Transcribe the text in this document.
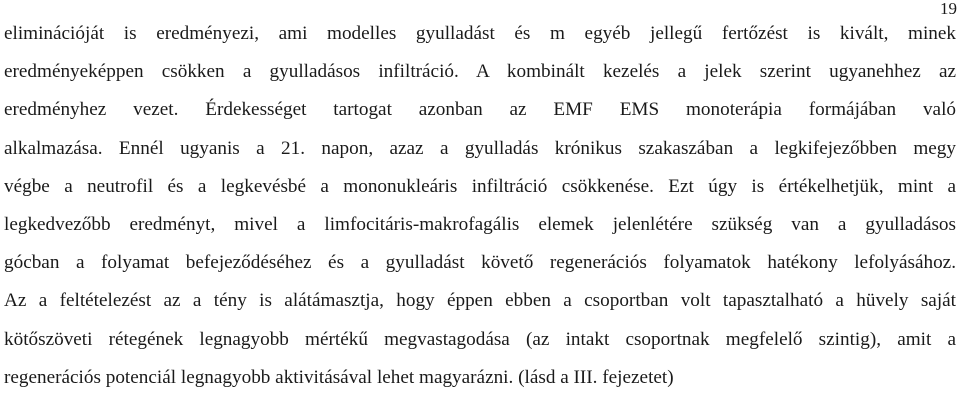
19
eliminációját is eredményezi, ami modelles gyulladást és m egyéb jellegű fertőzést is kivált, minek
eredményeképpen csökken a gyulladásos infiltráció. A kombinált kezelés a jelek szerint ugyanehhez az
eredményhez vezet. Érdekességet tartogat azonban az EMF EMS monoterápia formájában való
alkalmazása. Ennél ugyanis a 21. napon, azaz a gyulladás krónikus szakaszában a legkifejezőbben megy
végbe a neutrofil és a legkevésbé a mononukleáris infiltráció csökkenése. Ezt úgy is értékelhetjük, mint a
legkedvezőbb eredményt, mivel a limfocitáris-makrofagális elemek jelenlétére szükség van a gyulladásos
gócban a folyamat befejeződéséhez és a gyulladást követő regenerációs folyamatok hatékony lefolyásához.
Az a feltételezést az a tény is alátámasztja, hogy éppen ebben a csoportban volt tapasztalható a hüvely saját
kötőszöveti rétegének legnagyobb mértékű megvastagodása (az intakt csoportnak megfelelő szintig), amit a
regenerációs potenciál legnagyobb aktivitásával lehet magyarázni. (lásd a III. fejezetet)
